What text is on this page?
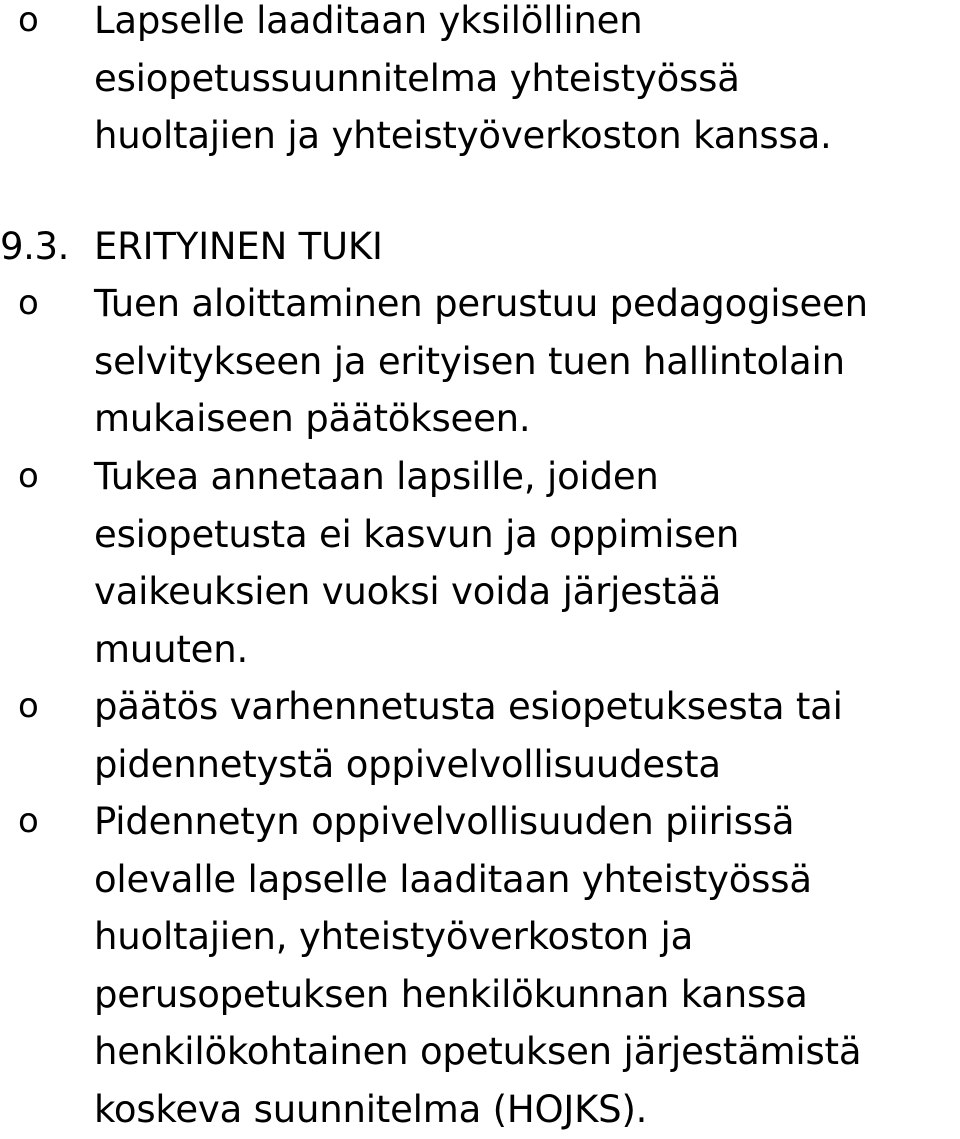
o Lapselle laaditaan yksilöllinen
esiopetussuunnitelma yhteistyössä
huoltajien ja yhteistyöverkoston kanssa.
9.3. ERITYINEN TUKI
o Tuen aloittaminen perustuu pedagogiseen
selvitykseen ja erityisen tuen hallintolain
mukaiseen päätökseen.
o Tukea annetaan lapsille, joiden
esiopetusta ei kasvun ja oppimisen
vaikeuksien vuoksi voida järjestää
muuten.
o päätös varhennetusta esiopetuksesta tai
pidennetystä oppivelvollisuudesta
o Pidennetyn oppivelvollisuuden piirissä
olevalle lapselle laaditaan yhteistyössä
huoltajien, yhteistyöverkoston ja
perusopetuksen henkilökunnan kanssa
henkilökohtainen opetuksen järjestämistä
koskeva suunnitelma (HOJKS).
